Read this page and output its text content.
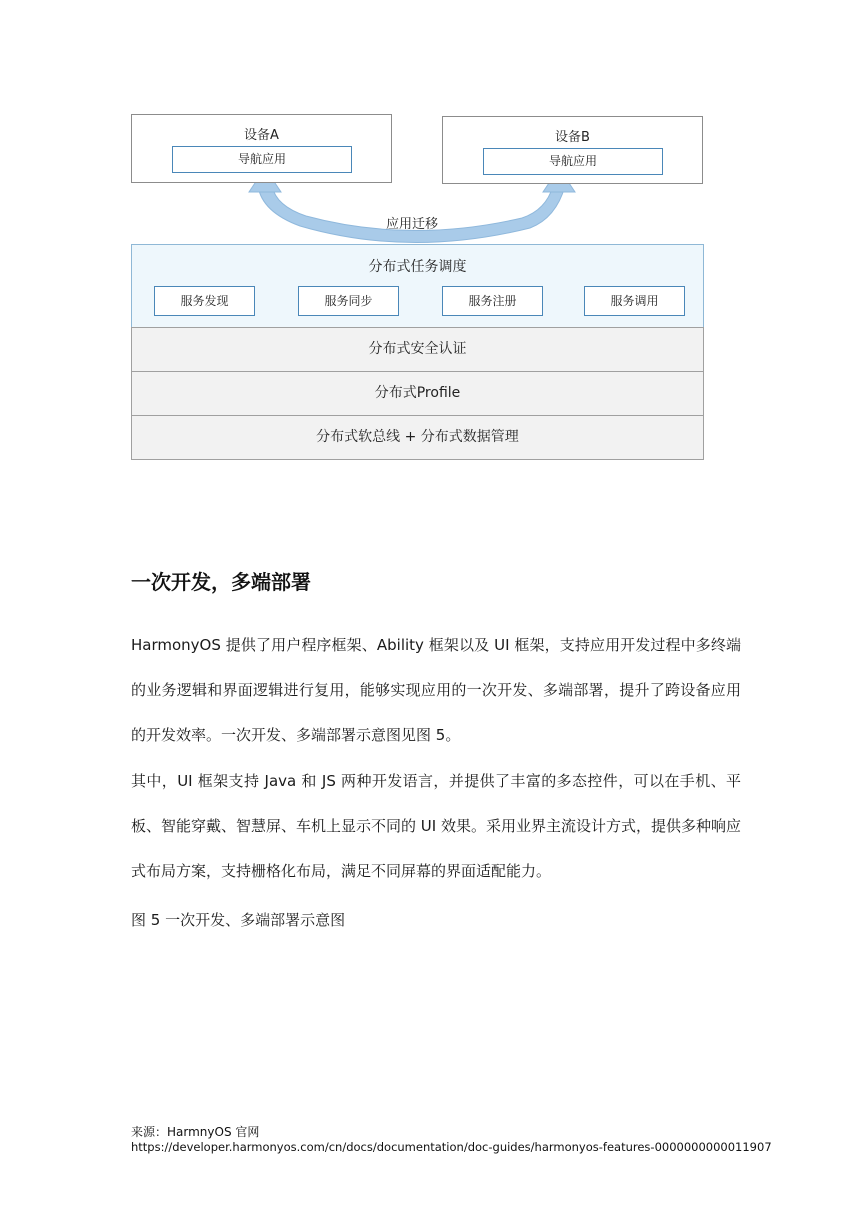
设备A
导航应用
设备B
导航应用
应用迁移
分布式任务调度
服务发现	服务同步	服务注册	服务调用
分布式安全认证
分布式Profile
分布式软总线 + 分布式数据管理
一次开发，多端部署

HarmonyOS 提供了用户程序框架、Ability 框架以及 UI 框架，支持应用开发过程中多终端的业务逻辑和界面逻辑进行复用，能够实现应用的一次开发、多端部署，提升了跨设备应用的开发效率。一次开发、多端部署示意图见图 5。

其中，UI 框架支持 Java 和 JS 两种开发语言，并提供了丰富的多态控件，可以在手机、平板、智能穿戴、智慧屏、车机上显示不同的 UI 效果。采用业界主流设计方式，提供多种响应式布局方案，支持栅格化布局，满足不同屏幕的界面适配能力。

图 5 一次开发、多端部署示意图
来源：HarmnyOS 官网
https://developer.harmonyos.com/cn/docs/documentation/doc-guides/harmonyos-features-0000000000011907
